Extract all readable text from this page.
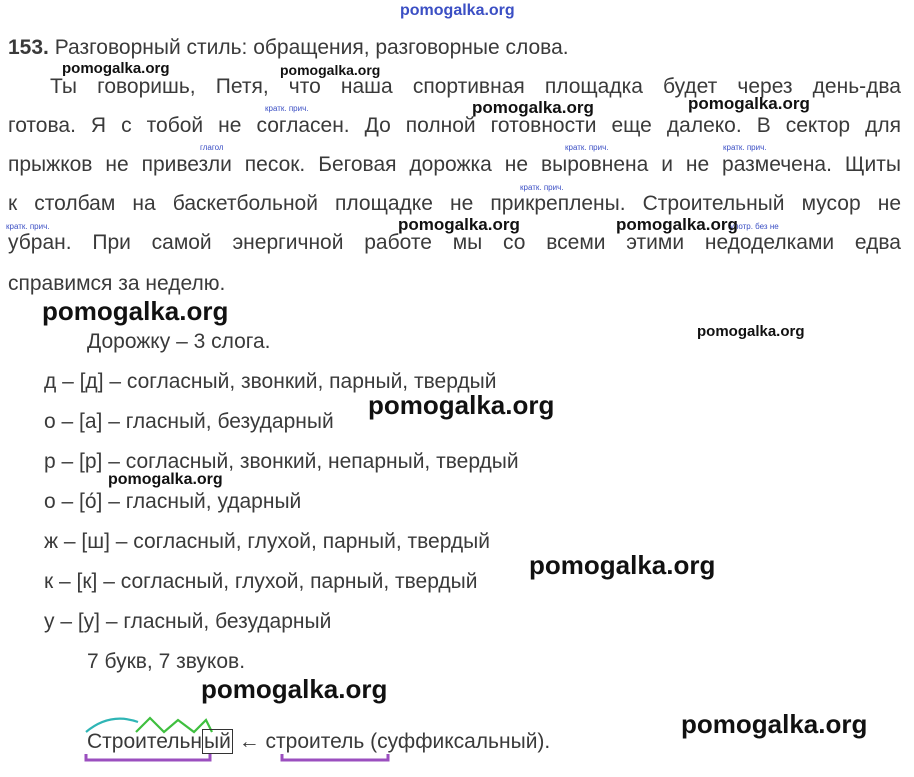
pomogalka.org
153. Разговорный стиль: обращения, разговорные слова.
Ты говоришь, Петя, что наша спортивная площадка будет через день-два
готова. Я с тобой не согласен. До полной готовности еще далеко. В сектор для
прыжков не привезли песок. Беговая дорожка не выровнена и не размечена. Щиты
к столбам на баскетбольной площадке не прикреплены. Строительный мусор не
убран. При самой энергичной работе мы со всеми этими недоделками едва
справимся за неделю.
кратк. прич.
глагол	кратк. прич.	кратк. прич.
кратк. прич.
кратк. прич.	употр. без не
Дорожку – 3 слога.
д – [д] – согласный, звонкий, парный, твердый
о – [а] – гласный, безударный
р – [р] – согласный, звонкий, непарный, твердый
о – [о́] – гласный, ударный
ж – [ш] – согласный, глухой, парный, твердый
к – [к] – согласный, глухой, парный, твердый
у – [у] – гласный, безударный
7 букв, 7 звуков.
Строительный ← строитель (суффиксальный).
pomogalka.org	pomogalka.org
pomogalka.org	pomogalka.org
pomogalka.org	pomogalka.org
pomogalka.org
pomogalka.org
pomogalka.org
pomogalka.org
pomogalka.org
pomogalka.org
pomogalka.org
